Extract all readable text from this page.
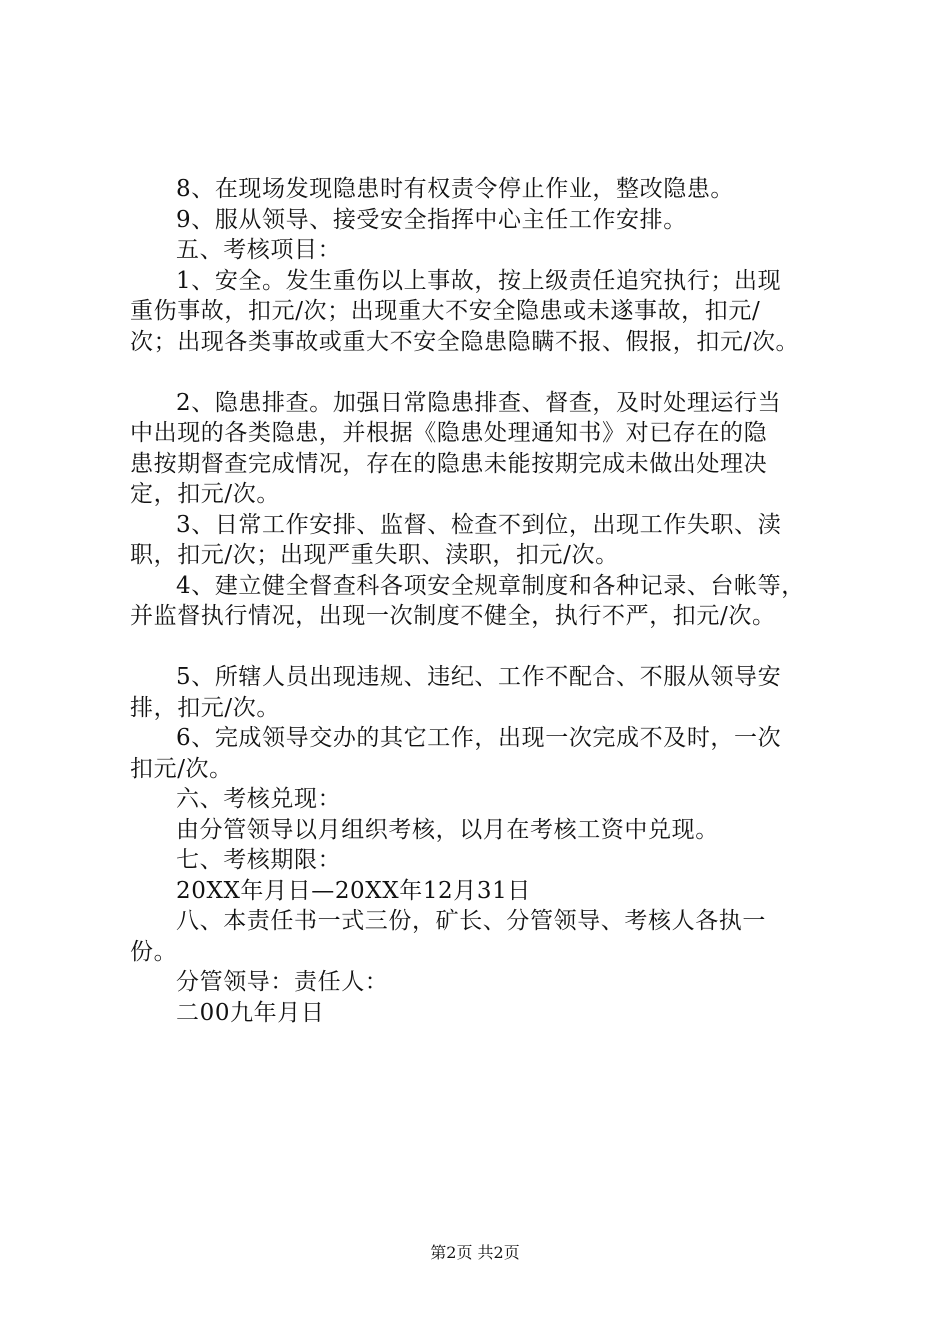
8、在现场发现隐患时有权责令停止作业，整改隐患。
9、服从领导、接受安全指挥中心主任工作安排。
五、考核项目：
1、安全。发生重伤以上事故，按上级责任追究执行；出现
重伤事故，扣元/次；出现重大不安全隐患或未遂事故，扣元/
次；出现各类事故或重大不安全隐患隐瞒不报、假报，扣元/次。
2、隐患排查。加强日常隐患排查、督查，及时处理运行当
中出现的各类隐患，并根据《隐患处理通知书》对已存在的隐
患按期督查完成情况，存在的隐患未能按期完成未做出处理决
定，扣元/次。
3、日常工作安排、监督、检查不到位，出现工作失职、渎
职，扣元/次；出现严重失职、渎职，扣元/次。
4、建立健全督查科各项安全规章制度和各种记录、台帐等，
并监督执行情况，出现一次制度不健全，执行不严，扣元/次。
5、所辖人员出现违规、违纪、工作不配合、不服从领导安
排，扣元/次。
6、完成领导交办的其它工作，出现一次完成不及时，一次
扣元/次。
六、考核兑现：
由分管领导以月组织考核，以月在考核工资中兑现。
七、考核期限：
20XX年月日—20XX年12月31日
八、本责任书一式三份，矿长、分管领导、考核人各执一
份。
分管领导：责任人：
二00九年月日
第2页 共2页
